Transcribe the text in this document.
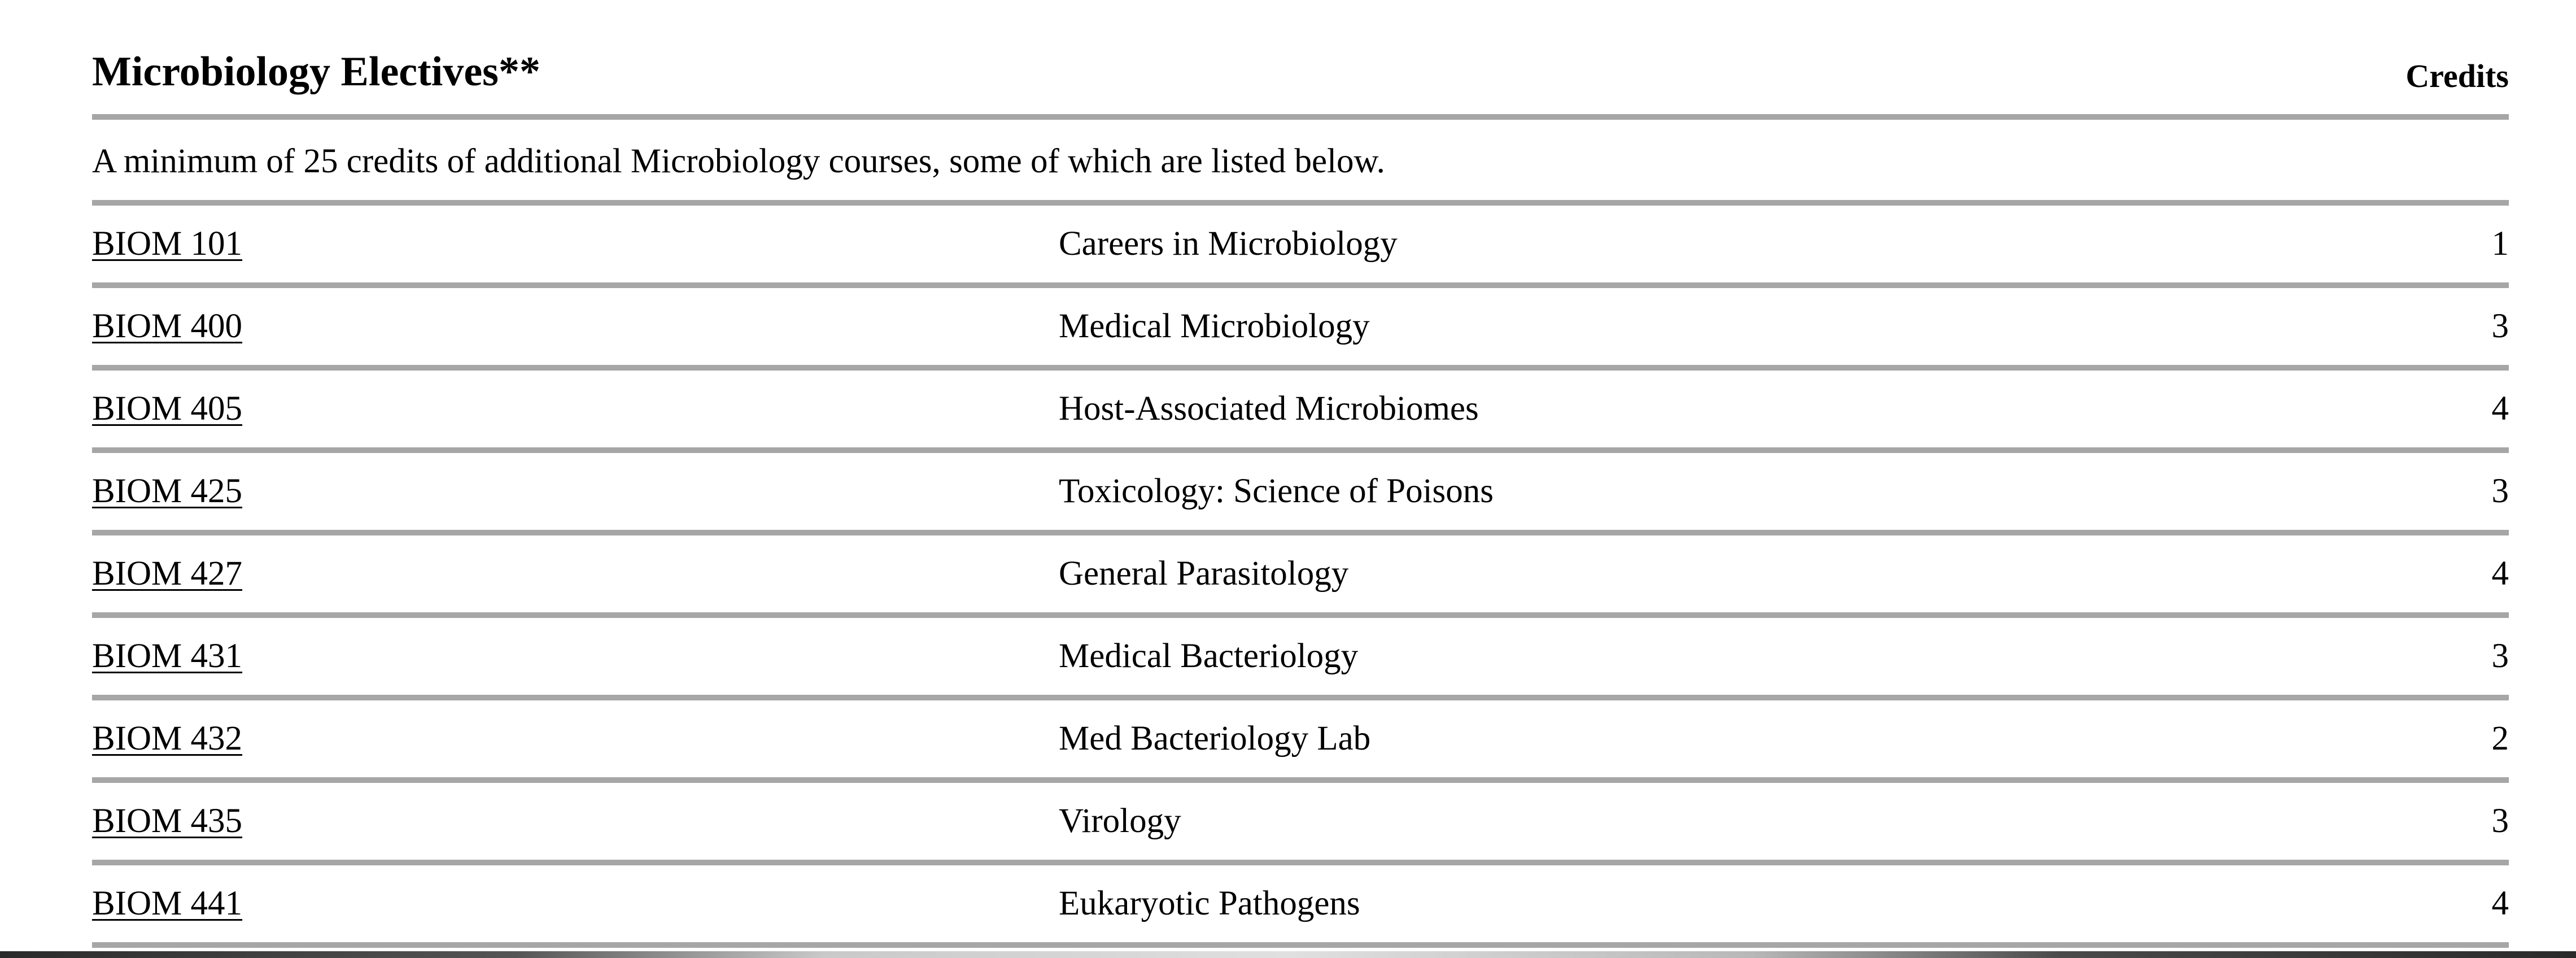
Microbiology Electives**	Credits
A minimum of 25 credits of additional Microbiology courses, some of which are listed below.
BIOM 101	Careers in Microbiology	1
BIOM 400	Medical Microbiology	3
BIOM 405	Host-Associated Microbiomes	4
BIOM 425	Toxicology: Science of Poisons	3
BIOM 427	General Parasitology	4
BIOM 431	Medical Bacteriology	3
BIOM 432	Med Bacteriology Lab	2
BIOM 435	Virology	3
BIOM 441	Eukaryotic Pathogens	4
